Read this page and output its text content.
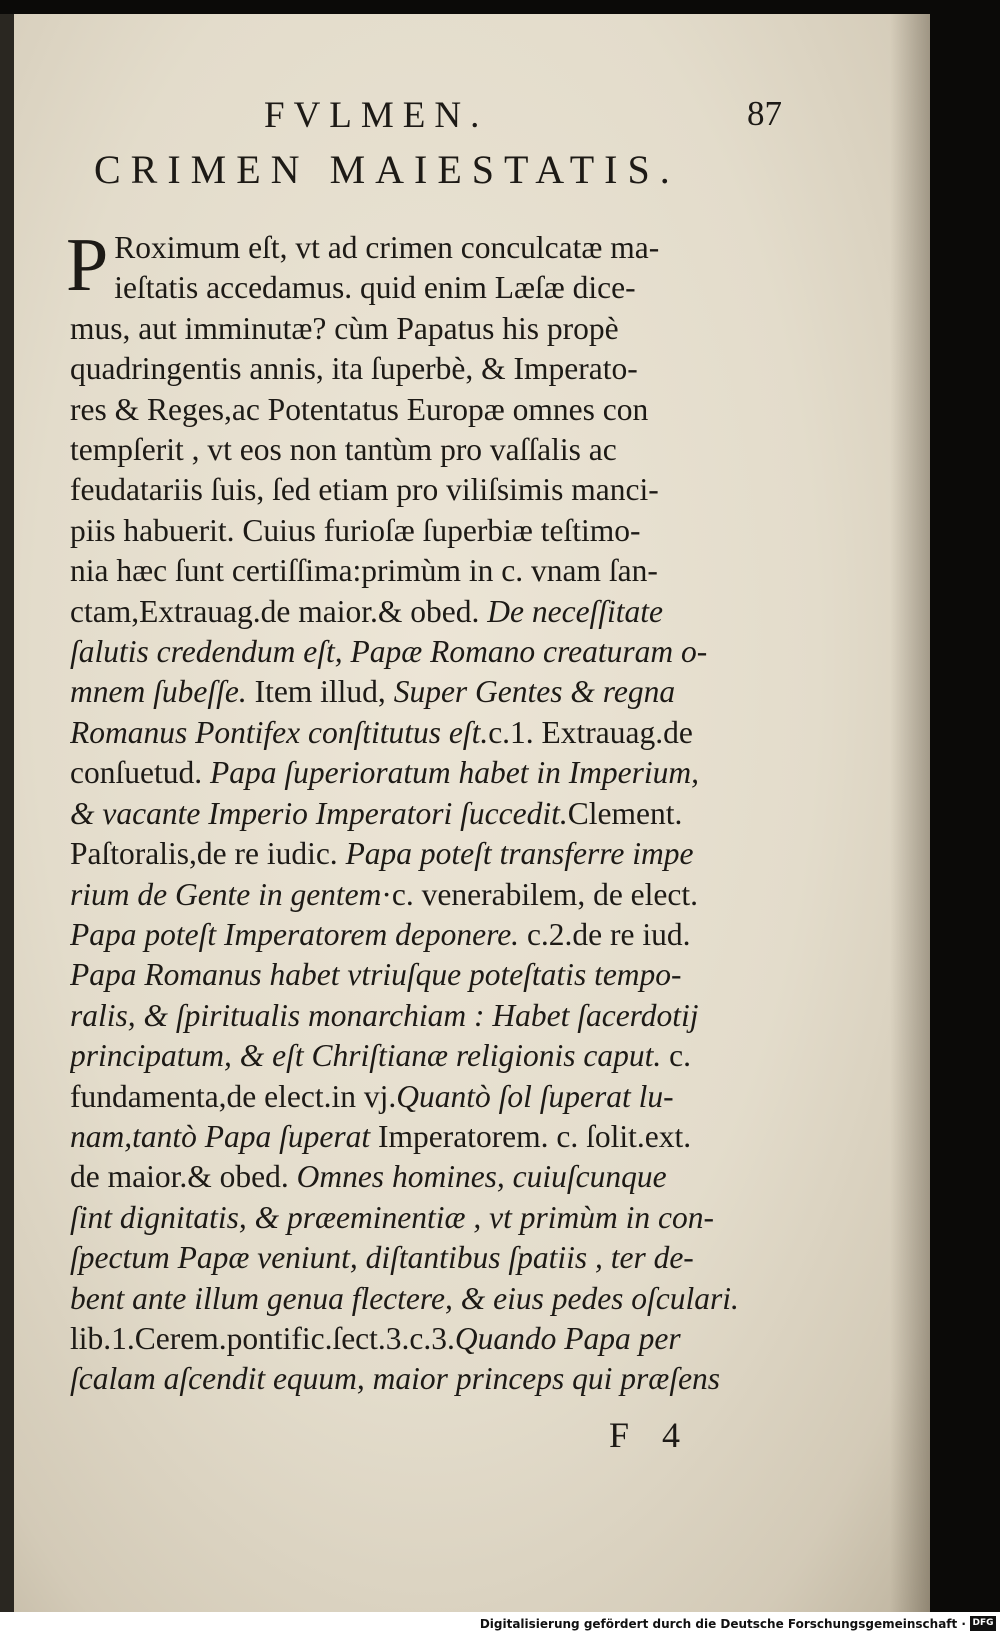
FVLMEN.	87
CRIMEN MAIESTATIS.
P Roximum eſt, vt ad crimen conculcatæ ma-
ieſtatis accedamus. quid enim Læſæ dice-
mus, aut imminutæ? cùm Papatus his propè
quadringentis annis, ita ſuperbè, & Imperato-
res & Reges,ac Potentatus Europæ omnes con
tempſerit , vt eos non tantùm pro vaſſalis ac
feudatariis ſuis, ſed etiam pro viliſsimis manci-
piis habuerit. Cuius furioſæ ſuperbiæ teſtimo-
nia hæc ſunt certiſſima:primùm in c. vnam ſan-
ctam,Extrauag.de maior.& obed. De neceſſitate
ſalutis credendum eſt, Papæ Romano creaturam o-
mnem ſubeſſe. Item illud, Super Gentes & regna
Romanus Pontifex conſtitutus eſt.c.1. Extrauag.de
conſuetud. Papa ſuperioratum habet in Imperium,
& vacante Imperio Imperatori ſuccedit.Clement.
Paſtoralis,de re iudic. Papa poteſt transferre impe
rium de Gente in gentem·c. venerabilem, de elect.
Papa poteſt Imperatorem deponere. c.2.de re iud.
Papa Romanus habet vtriuſque poteſtatis tempo-
ralis, & ſpiritualis monarchiam : Habet ſacerdotij
principatum, & eſt Chriſtianæ religionis caput. c.
fundamenta,de elect.in vj.Quantò ſol ſuperat lu-
nam,tantò Papa ſuperat Imperatorem. c. ſolit.ext.
de maior.& obed. Omnes homines, cuiuſcunque
ſint dignitatis, & præeminentiæ , vt primùm in con-
ſpectum Papæ veniunt, diſtantibus ſpatiis , ter de-
bent ante illum genua flectere, & eius pedes oſculari.
lib.1.Cerem.pontific.ſect.3.c.3.Quando Papa per
ſcalam aſcendit equum, maior princeps qui præſens
F 4
Digitalisierung gefördert durch die Deutsche Forschungsgemeinschaft · DFG
